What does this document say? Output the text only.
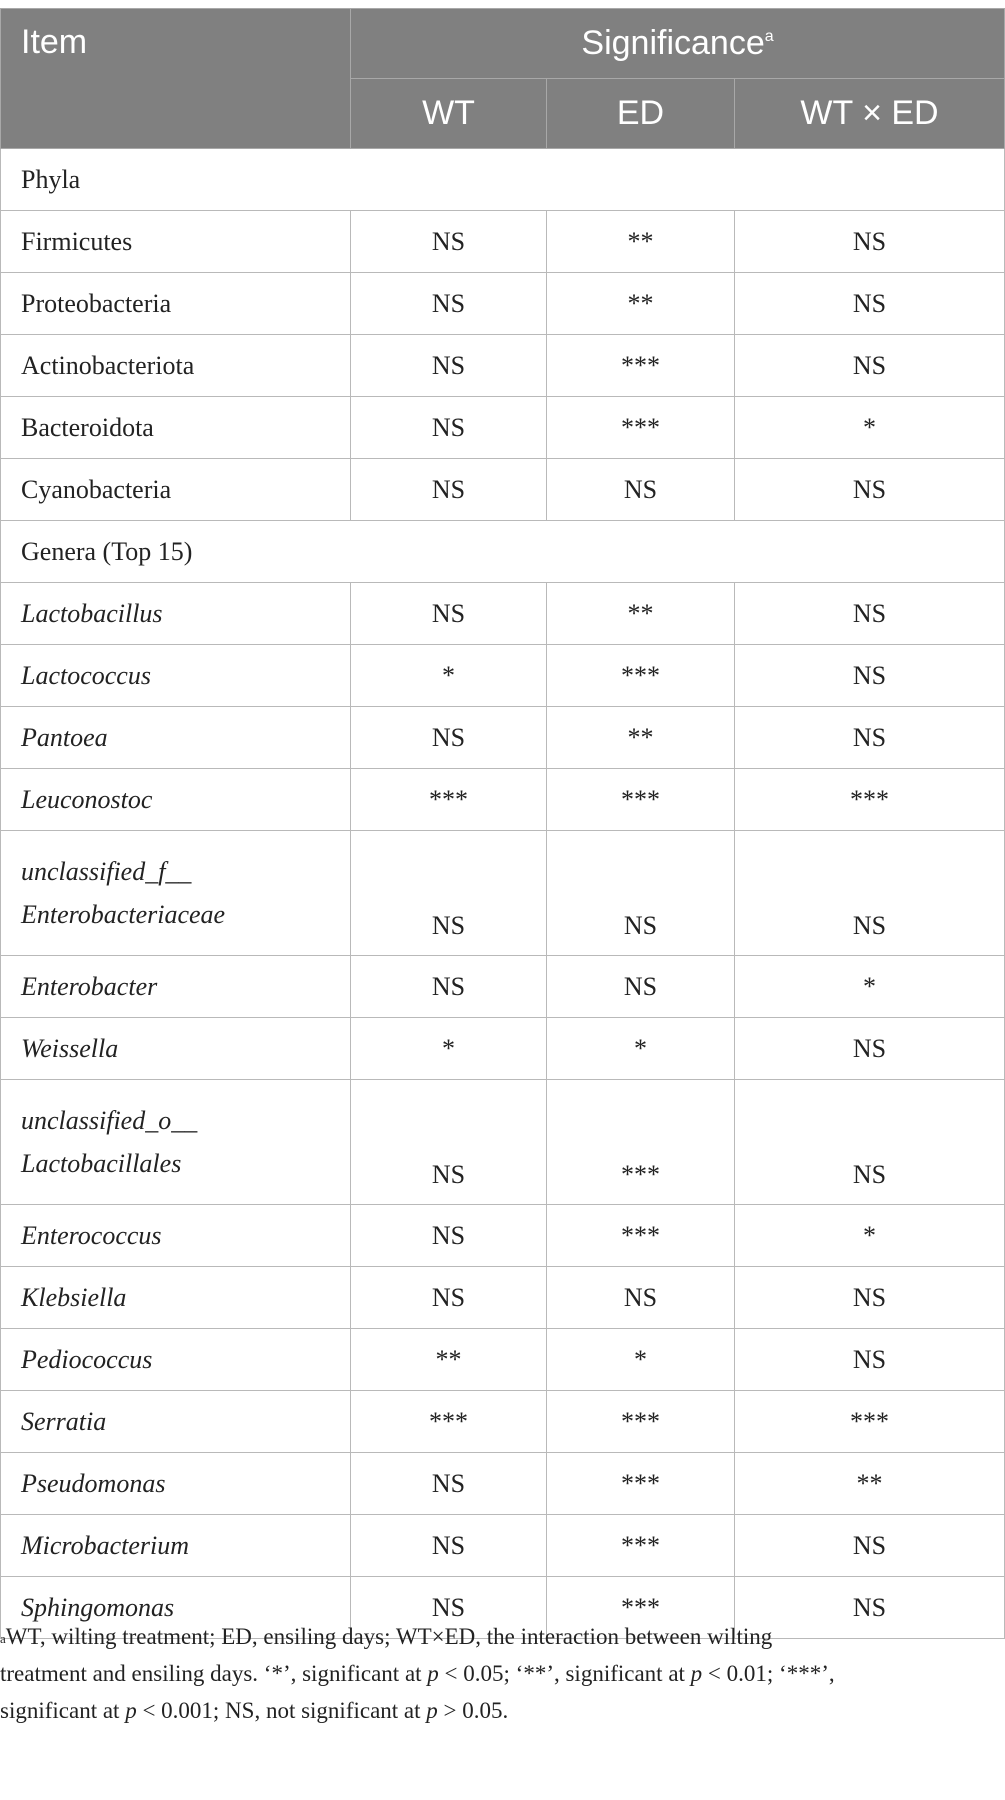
Item	Significance$^a$
	WT	ED	WT × ED
Phyla			
Firmicutes	NS	**	NS
Proteobacteria	NS	**	NS
Actinobacteriota	NS	***	NS
Bacteroidota	NS	***	*
Cyanobacteria	NS	NS	NS
Genera (Top 15)			
Lactobacillus	NS	**	NS
Lactococcus	*	***	NS
Pantoea	NS	**	NS
Leuconostoc	***	***	***

unclassified_f__
Enterobacteriaceae	NS	NS	NS
Enterobacter	NS	NS	*
Weissella	*	*	NS

unclassified_o__
Lactobacillales	NS	***	NS
Enterococcus	NS	***	*
Klebsiella	NS	NS	NS
Pediococcus	**	*	NS
Serratia	***	***	***
Pseudomonas	NS	***	**
Microbacterium	NS	***	NS
Sphingomonas	NS	***	NS
$^a$WT, wilting treatment; ED, ensiling days; WT×ED, the interaction between wilting
treatment and ensiling days. ‘*’, significant at p < 0.05; ‘**’, significant at p < 0.01; ‘***’,
significant at p < 0.001; NS, not significant at p > 0.05.
